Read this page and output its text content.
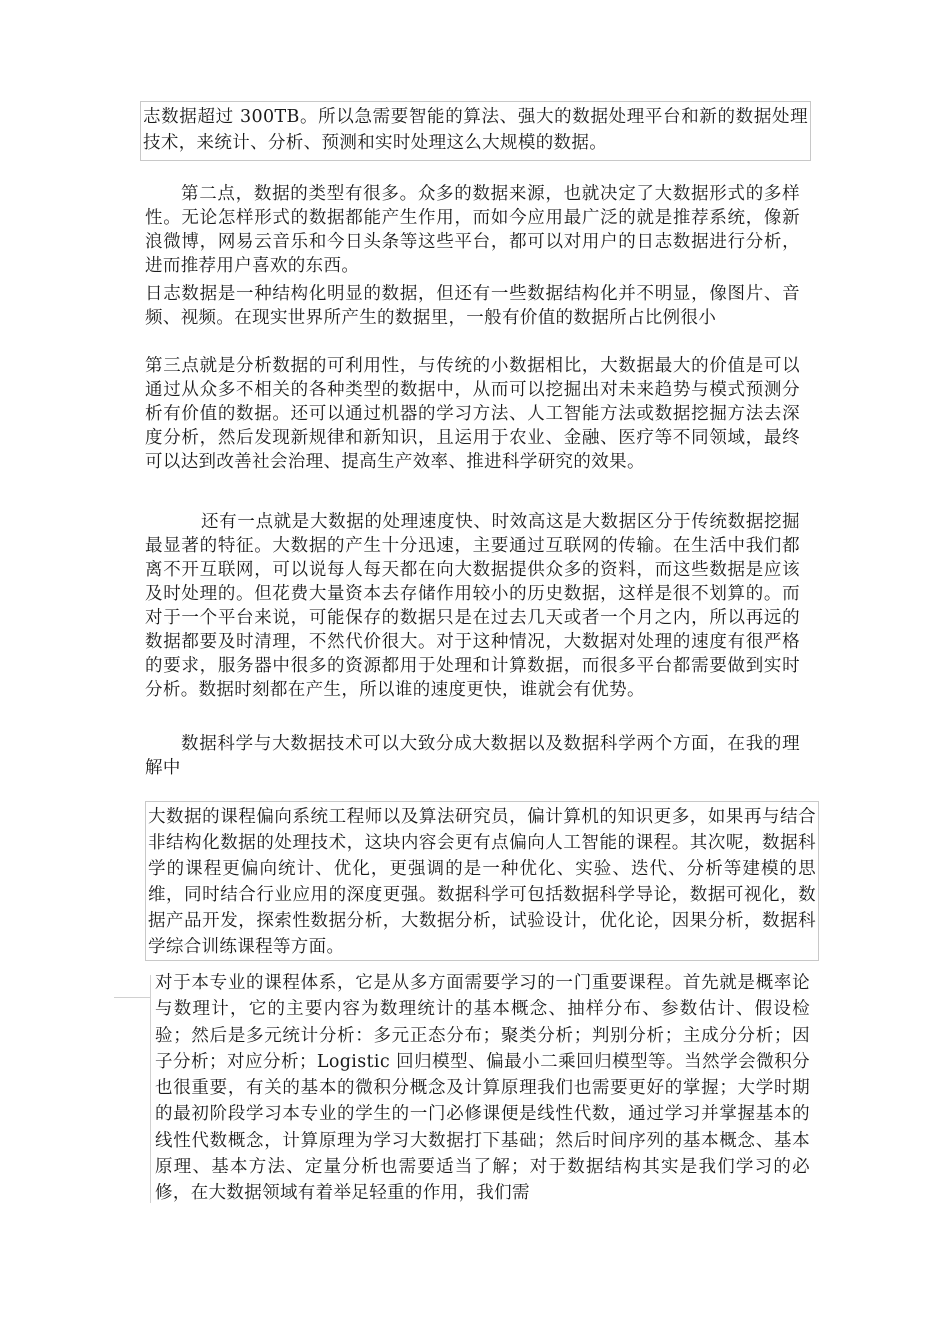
志数据超过 300TB。所以急需要智能的算法、强大的数据处理平台和新的数据处理技术，来统计、分析、预测和实时处理这么大规模的数据。

第二点，数据的类型有很多。众多的数据来源，也就决定了大数据形式的多样性。无论怎样形式的数据都能产生作用，而如今应用最广泛的就是推荐系统，像新浪微博，网易云音乐和今日头条等这些平台，都可以对用户的日志数据进行分析，进而推荐用户喜欢的东西。

日志数据是一种结构化明显的数据，但还有一些数据结构化并不明显，像图片、音频、视频。在现实世界所产生的数据里，一般有价值的数据所占比例很小

第三点就是分析数据的可利用性，与传统的小数据相比，大数据最大的价值是可以通过从众多不相关的各种类型的数据中，从而可以挖掘出对未来趋势与模式预测分析有价值的数据。还可以通过机器的学习方法、人工智能方法或数据挖掘方法去深度分析，然后发现新规律和新知识，且运用于农业、金融、医疗等不同领域，最终可以达到改善社会治理、提高生产效率、推进科学研究的效果。

还有一点就是大数据的处理速度快、时效高这是大数据区分于传统数据挖掘最显著的特征。大数据的产生十分迅速，主要通过互联网的传输。在生活中我们都离不开互联网，可以说每人每天都在向大数据提供众多的资料，而这些数据是应该及时处理的。但花费大量资本去存储作用较小的历史数据，这样是很不划算的。而对于一个平台来说，可能保存的数据只是在过去几天或者一个月之内，所以再远的数据都要及时清理，不然代价很大。对于这种情况，大数据对处理的速度有很严格的要求，服务器中很多的资源都用于处理和计算数据，而很多平台都需要做到实时分析。数据时刻都在产生，所以谁的速度更快，谁就会有优势。

数据科学与大数据技术可以大致分成大数据以及数据科学两个方面，在我的理解中

大数据的课程偏向系统工程师以及算法研究员，偏计算机的知识更多，如果再与结合非结构化数据的处理技术，这块内容会更有点偏向人工智能的课程。其次呢，数据科学的课程更偏向统计、优化，更强调的是一种优化、实验、迭代、分析等建模的思维，同时结合行业应用的深度更强。数据科学可包括数据科学导论，数据可视化，数据产品开发，探索性数据分析，大数据分析，试验设计，优化论，因果分析，数据科学综合训练课程等方面。

对于本专业的课程体系，它是从多方面需要学习的一门重要课程。首先就是概率论与数理计，它的主要内容为数理统计的基本概念、抽样分布、参数估计、假设检验；然后是多元统计分析：多元正态分布；聚类分析；判别分析；主成分分析；因子分析；对应分析；Logistic 回归模型、偏最小二乘回归模型等。当然学会微积分也很重要，有关的基本的微积分概念及计算原理我们也需要更好的掌握；大学时期的最初阶段学习本专业的学生的一门必修课便是线性代数，通过学习并掌握基本的线性代数概念，计算原理为学习大数据打下基础；然后时间序列的基本概念、基本原理、基本方法、定量分析也需要适当了解；对于数据结构其实是我们学习的必修，在大数据领域有着举足轻重的作用，我们需
